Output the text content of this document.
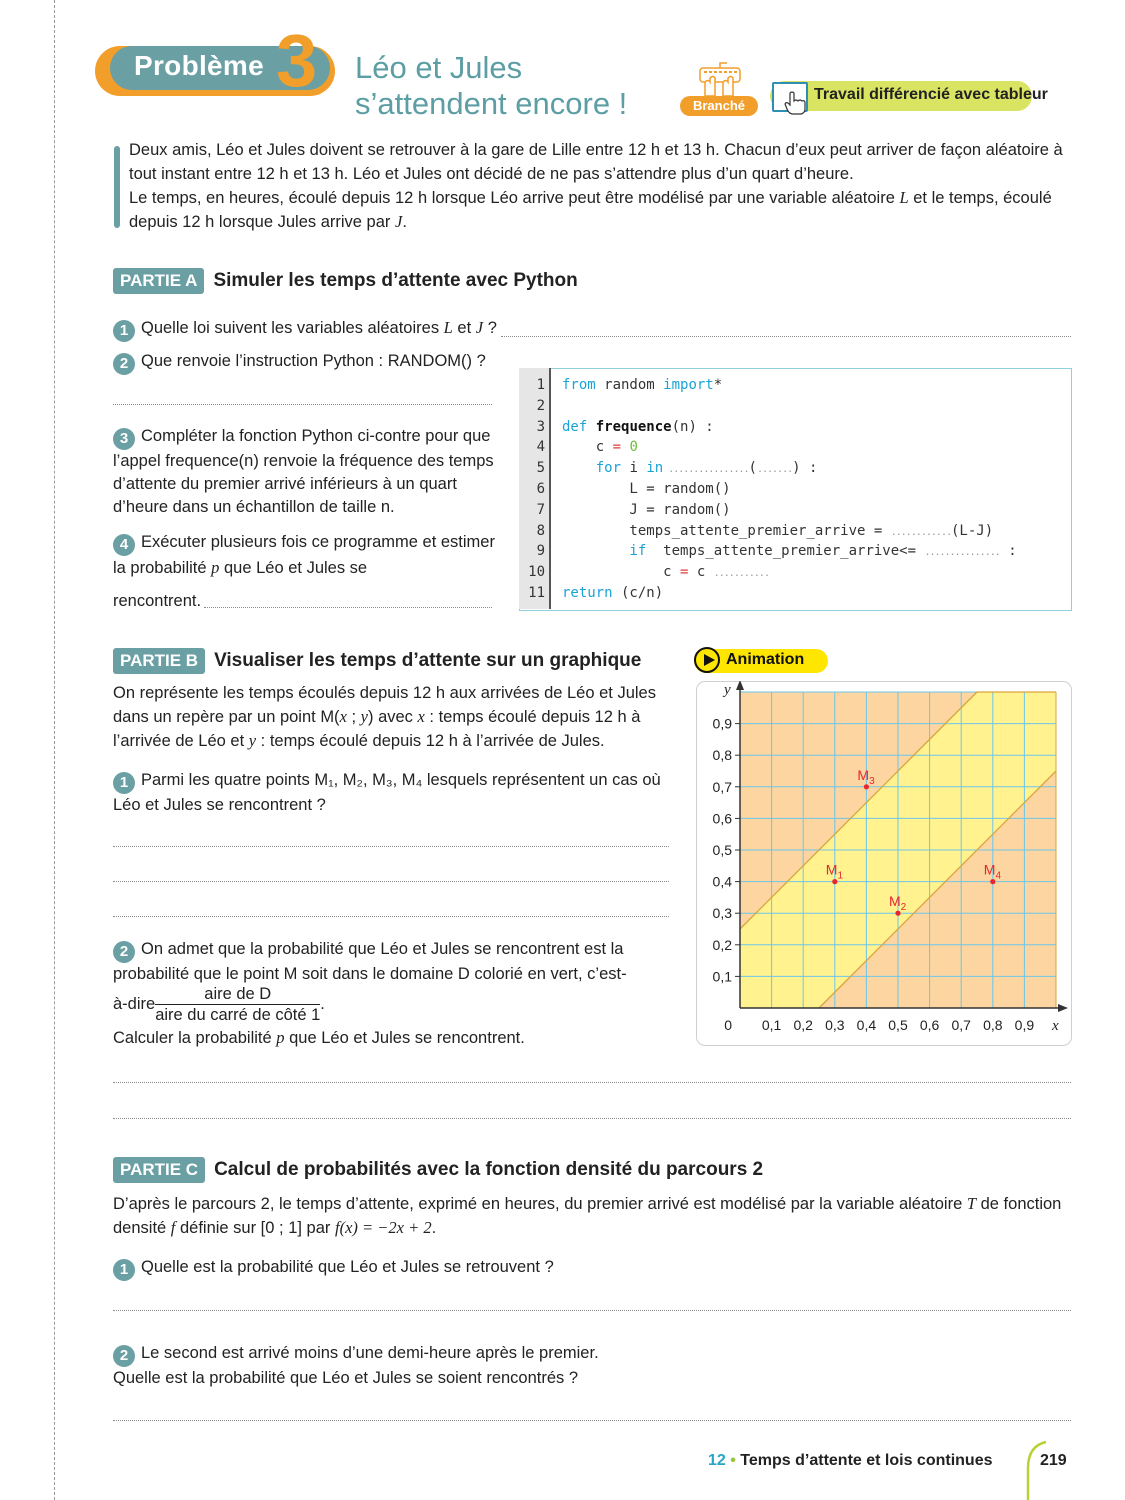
Problème 3 Léo et Jules
s’attendent encore !	Branché
Travail différencié avec tableur
Deux amis, Léo et Jules doivent se retrouver à la gare de Lille entre 12 h et 13 h. Chacun d’eux peut arriver de façon aléatoire à tout instant entre 12 h et 13 h. Léo et Jules ont décidé de ne pas s’attendre plus d’un quart d’heure.
Le temps, en heures, écoulé depuis 12 h lorsque Léo arrive peut être modélisé par une variable aléatoire L et le temps, écoulé depuis 12 h lorsque Jules arrive par J.
PARTIE A Simuler les temps d’attente avec Python
1 Quelle loi suivent les variables aléatoires L et J ?
2 Que renvoie l’instruction Python : RANDOM() ?
3 Compléter la fonction Python ci-contre pour que l’appel frequence(n) renvoie la fréquence des temps d’attente du premier arrivé inférieurs à un quart d’heure dans un échantillon de taille n.
4 Exécuter plusieurs fois ce programme et estimer la probabilité p que Léo et Jules se
rencontrent.
1 from random import*
2
3 def frequence(n) :
4 c = 0
5 for i in ................(.......) :
6 L = random()
7 J = random()
8 temps_attente_premier_arrive = ............(L-J)
9 if  temps_attente_premier_arrive<= ............... :
10 c = c ...........
11 return (c/n)
PARTIE B Visualiser les temps d’attente sur un graphique	Animation
On représente les temps écoulés depuis 12 h aux arrivées de Léo et Jules dans un repère par un point M(x ; y) avec x : temps écoulé depuis 12 h à l’arrivée de Léo et y : temps écoulé depuis 12 h à l’arrivée de Jules.
1 Parmi les quatre points M₁, M₂, M₃, M₄ lesquels représentent un cas où Léo et Jules se rencontrent ?
2 On admet que la probabilité que Léo et Jules se rencontrent est la probabilité que le point M soit dans le domaine D colorié en vert, c’est-
à-dire $\frac{\text{aire de D}}{\text{aire du carré de côté 1}}$ .
Calculer la probabilité p que Léo et Jules se rencontrent.
0,1 0,2 0,3 0,4 0,5 0,6 0,7 0,8 0,9
0,1
0,2
0,3
0,4
0,5
0,6
0,7
0,8
0,9
0	x
y
$M_1$
$M_2$
$M_3$
$M_4$
PARTIE C Calcul de probabilités avec la fonction densité du parcours 2
D’après le parcours 2, le temps d’attente, exprimé en heures, du premier arrivé est modélisé par la variable aléatoire T de fonction densité f définie sur [0 ; 1] par f(x) = −2x + 2.
1 Quelle est la probabilité que Léo et Jules se retrouvent ?
2 Le second est arrivé moins d’une demi-heure après le premier.
Quelle est la probabilité que Léo et Jules se soient rencontrés ?
12 • Temps d’attente et lois continues	219
